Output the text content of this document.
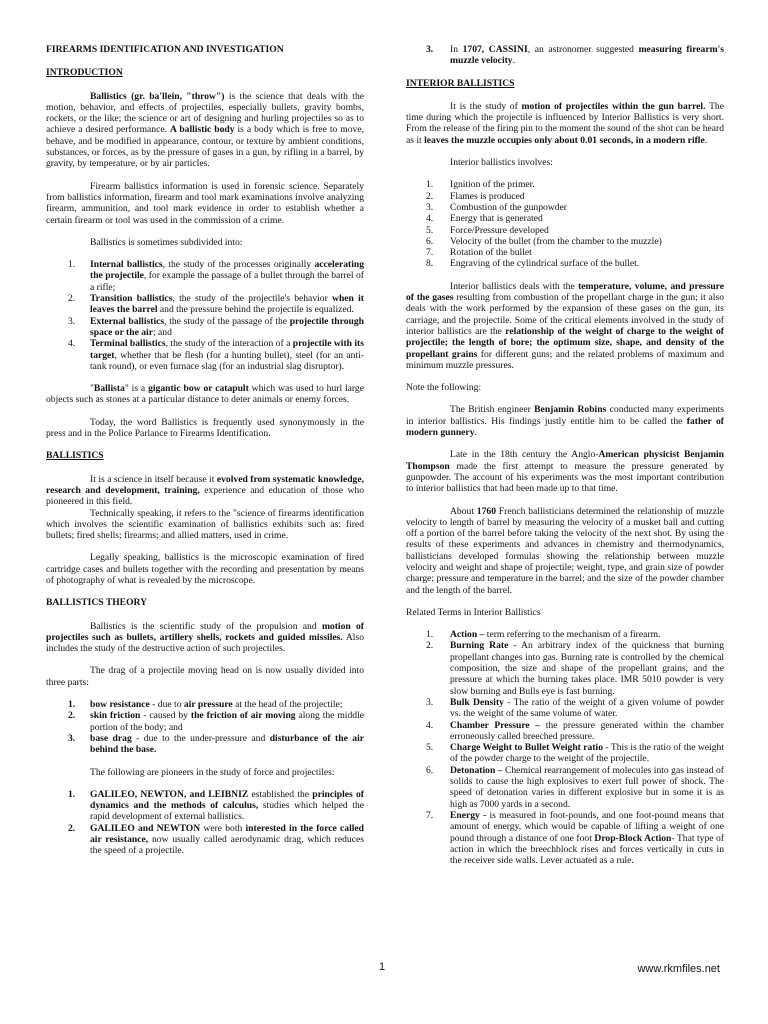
FIREARMS IDENTIFICATION AND INVESTIGATION

INTRODUCTION

Ballistics (gr. ba'llein, "throw") is the science that deals with the motion, behavior, and effects of projectiles, especially bullets, gravity bombs, rockets, or the like; the science or art of designing and hurling projectiles so as to achieve a desired performance. A ballistic body is a body which is free to move, behave, and be modified in appearance, contour, or texture by ambient conditions, substances, or forces, as by the pressure of gases in a gun, by rifling in a barrel, by gravity, by temperature, or by air particles.

Firearm ballistics information is used in forensic science. Separately from ballistics information, firearm and tool mark examinations involve analyzing firearm, ammunition, and tool mark evidence in order to establish whether a certain firearm or tool was used in the commission of a crime.

Ballistics is sometimes subdivided into:

1.	Internal ballistics, the study of the processes originally accelerating the projectile, for example the passage of a bullet through the barrel of a rifle;
2.	Transition ballistics, the study of the projectile's behavior when it leaves the barrel and the pressure behind the projectile is equalized.
3.	External ballistics, the study of the passage of the projectile through space or the air; and
4.	Terminal ballistics, the study of the interaction of a projectile with its target, whether that be flesh (for a hunting bullet), steel (for an anti-tank round), or even furnace slag (for an industrial slag disruptor).

"Ballista" is a gigantic bow or catapult which was used to hurl large objects such as stones at a particular distance to deter animals or enemy forces.

Today, the word Ballistics is frequently used synonymously in the press and in the Police Parlance to Firearms Identification.

BALLISTICS

It is a science in itself because it evolved from systematic knowledge, research and development, training, experience and education of those who pioneered in this field.

Technically speaking, it refers to the "science of firearms identification which involves the scientific examination of ballistics exhibits such as: fired bullets; fired shells; firearms; and allied matters, used in crime.

Legally speaking, ballistics is the microscopic examination of fired cartridge cases and bullets together with the recording and presentation by means of photography of what is revealed by the microscope.

BALLISTICS THEORY

Ballistics is the scientific study of the propulsion and motion of projectiles such as bullets, artillery shells, rockets and guided missiles. Also includes the study of the destructive action of such projectiles.

The drag of a projectile moving head on is now usually divided into three parts:

1.	bow resistance - due to air pressure at the head of the projectile;
2.	skin friction - caused by the friction of air moving along the middle portion of the body; and
3.	base drag - due to the under-pressure and disturbance of the air behind the base.

The following are pioneers in the study of force and projectiles:

1.	GALILEO, NEWTON, and LEIBNIZ established the principles of dynamics and the methods of calculus, studies which helped the rapid development of external ballistics.
2.	GALILEO and NEWTON were both interested in the force called air resistance, now usually called aerodynamic drag, which reduces the speed of a projectile.
3.	In 1707, CASSINI, an astronomer suggested measuring firearm's muzzle velocity.

INTERIOR BALLISTICS

It is the study of motion of projectiles within the gun barrel. The time during which the projectile is influenced by Interior Ballistics is very short. From the release of the firing pin to the moment the sound of the shot can be heard as it leaves the muzzle occupies only about 0.01 seconds, in a modern rifle.

Interior ballistics involves:

1.	Ignition of the primer.
2.	Flames is produced
3.	Combustion of the gunpowder
4.	Energy that is generated
5.	Force/Pressure developed
6.	Velocity of the bullet (from the chamber to the muzzle)
7.	Rotation of the bullet
8.	Engraving of the cylindrical surface of the bullet.

Interior ballistics deals with the temperature, volume, and pressure of the gases resulting from combustion of the propellant charge in the gun; it also deals with the work performed by the expansion of these gases on the gun, its carriage, and the projectile. Some of the critical elements involved in the study of interior ballistics are the relationship of the weight of charge to the weight of projectile; the length of bore; the optimum size, shape, and density of the propellant grains for different guns; and the related problems of maximum and minimum muzzle pressures.

Note the following:

The British engineer Benjamin Robins conducted many experiments in interior ballistics. His findings justly entitle him to be called the father of modern gunnery.

Late in the 18th century the Anglo-American physicist Benjamin Thompson made the first attempt to measure the pressure generated by gunpowder. The account of his experiments was the most important contribution to interior ballistics that had been made up to that time.

About 1760 French ballisticians determined the relationship of muzzle velocity to length of barrel by measuring the velocity of a musket ball and cutting off a portion of the barrel before taking the velocity of the next shot. By using the results of these experiments and advances in chemistry and thermodynamics, ballisticians developed formulas showing the relationship between muzzle velocity and weight and shape of projectile; weight, type, and grain size of powder charge; pressure and temperature in the barrel; and the size of the powder chamber and the length of the barrel.

Related Terms in Interior Ballistics

1.	Action – term referring to the mechanism of a firearm.
2.	Burning Rate - An arbitrary index of the quickness that burning propellant changes into gas. Burning rate is controlled by the chemical composition, the size and shape of the propellant grains, and the pressure at which the burning takes place. IMR 5010 powder is very slow burning and Bulls eye is fast burning.
3.	Bulk Density - The ratio of the weight of a given volume of powder vs. the weight of the same volume of water.
4.	Chamber Pressure – the pressure generated within the chamber erroneously called breeched pressure.
5.	Charge Weight to Bullet Weight ratio - This is the ratio of the weight of the powder charge to the weight of the projectile.
6.	Detonation – Chemical rearrangement of molecules into gas instead of solids to cause the high explosives to exert full power of shock. The speed of detonation varies in different explosive but in some it is as high as 7000 yards in a second.
7.	Energy - is measured in foot-pounds, and one foot-pound means that amount of energy, which would be capable of lifting a weight of one pound through a distance of one foot Drop-Block Action- That type of action in which the breechblock rises and forces vertically in cuts in the receiver side walls. Lever actuated as a rule.
1	www.rkmfiles.net
